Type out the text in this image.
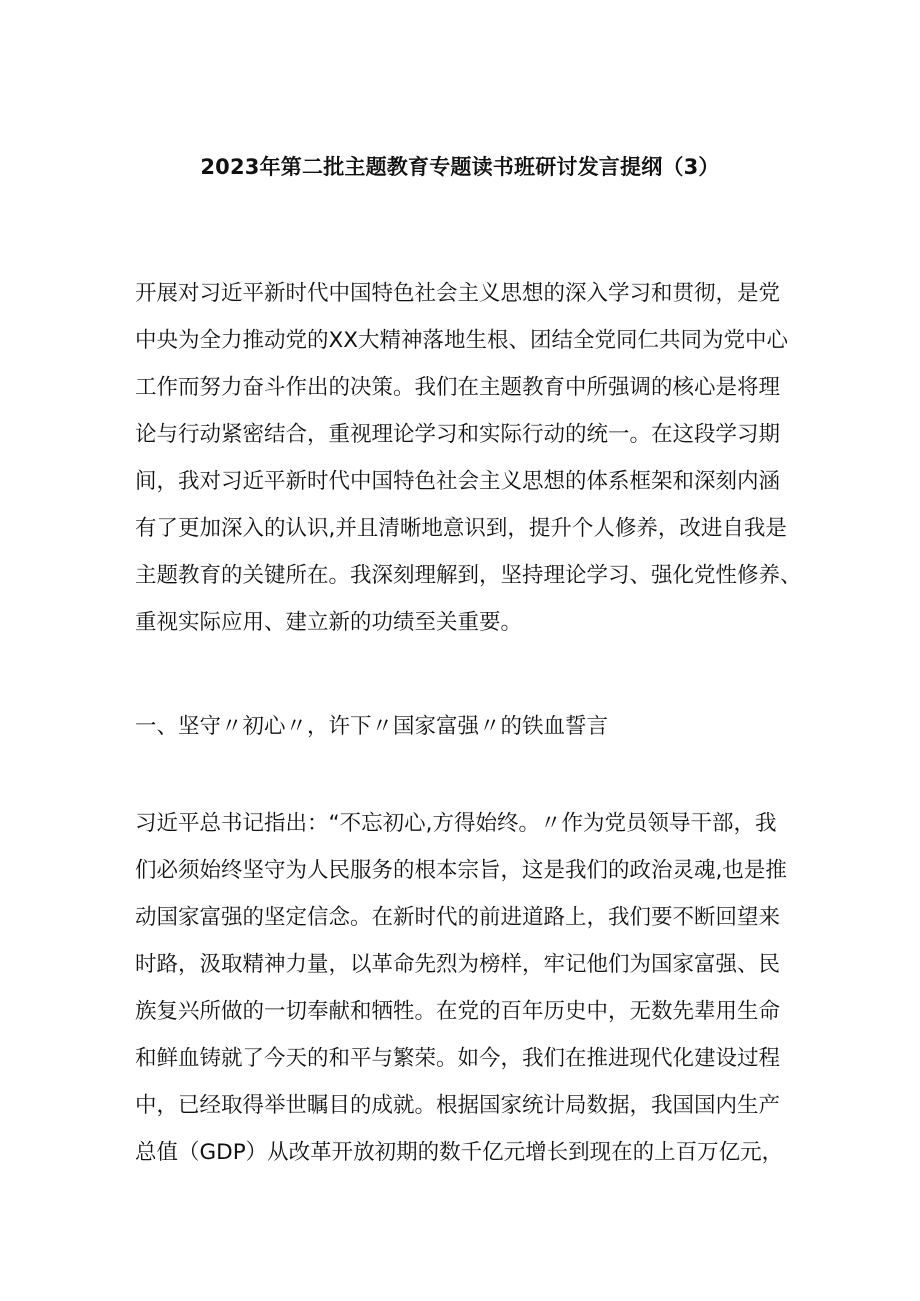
2023年第二批主题教育专题读书班研讨发言提纲（3）
开展对习近平新时代中国特色社会主义思想的深入学习和贯彻，是党
中央为全力推动党的XX大精神落地生根、团结全党同仁共同为党中心
工作而努力奋斗作出的决策。我们在主题教育中所强调的核心是将理
论与行动紧密结合，重视理论学习和实际行动的统一。在这段学习期
间，我对习近平新时代中国特色社会主义思想的体系框架和深刻内涵
有了更加深入的认识,并且清晰地意识到，提升个人修养，改进自我是
主题教育的关键所在。我深刻理解到，坚持理论学习、强化党性修养、
重视实际应用、建立新的功绩至关重要。
一、坚守〃初心〃，许下〃国家富强〃的铁血誓言
习近平总书记指出：“不忘初心,方得始终。〃作为党员领导干部，我
们必须始终坚守为人民服务的根本宗旨，这是我们的政治灵魂,也是推
动国家富强的坚定信念。在新时代的前进道路上，我们要不断回望来
时路，汲取精神力量，以革命先烈为榜样，牢记他们为国家富强、民
族复兴所做的一切奉献和牺牲。在党的百年历史中，无数先辈用生命
和鲜血铸就了今天的和平与繁荣。如今，我们在推进现代化建设过程
中，已经取得举世瞩目的成就。根据国家统计局数据，我国国内生产
总值（GDP）从改革开放初期的数千亿元增长到现在的上百万亿元，
